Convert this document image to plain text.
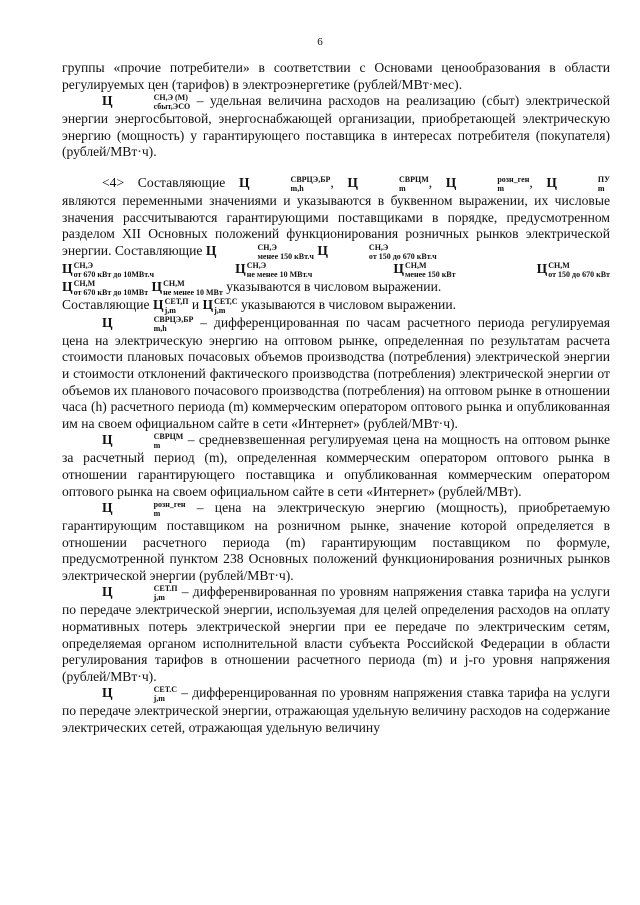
6

группы «прочие потребители» в соответствии с Основами ценообразования в области регулируемых цен (тарифов) в электроэнергетике (рублей/МВт·мес).

Ц	СН,Э (М)
сбыт,ЭСО – удельная величина расходов на реализацию (сбыт) электрической энергии энергосбытовой, энергоснабжающей организации, приобретающей электрическую энергию (мощность) у гарантирующего поставщика в интересах потребителя (покупателя) (рублей/МВт·ч).

<4> Составляющие Ц	СВРЦЭ,БР
m,h	, Ц	СВРЦМ
m	, Ц	розн_ген
m	, Ц	ПУ
m
являются переменными значениями и указываются в буквенном выражении, их числовые значения рассчитываются гарантирующими поставщиками в порядке, предусмотренном разделом XII Основных положений функционирования розничных рынков электрической энергии. Составляющие Ц	СН,Э
менее 150 кВт.ч Ц	СН,Э
от 150 до 670 кВт.ч

Ц СН,Э
от 670 кВт до 10МВт.ч	Ц СН,Э
не менее 10 МВт.ч	Ц СН,М
менее 150 кВт	Ц СН,М
от 150 до 670 кВт

Ц СН,М
от 670 кВт до 10МВт Ц СН,М
не менее 10 МВт указываются в числовом выражении.

Составляющие Ц СЕТ,П
j,m	и Ц СЕТ,С
j,m	указываются в числовом выражении.

Ц	СВРЦЭ,БР
m,h	– дифференцированная по часам расчетного периода регулируемая цена на электрическую энергию на оптовом рынке, определенная по результатам расчета стоимости плановых почасовых объемов производства (потребления) электрической энергии и стоимости отклонений фактического производства (потребления) электрической энергии от объемов их планового почасового производства (потребления) на оптовом рынке в отношении часа (h) расчетного периода (m) коммерческим оператором оптового рынка и опубликованная им на своем официальном сайте в сети «Интернет» (рублей/МВт·ч).

Ц	СВРЦМ
m	– средневзвешенная регулируемая цена на мощность на оптовом рынке за расчетный период (m), определенная коммерческим оператором оптового рынка в отношении гарантирующего поставщика и опубликованная коммерческим оператором оптового рынка на своем официальном сайте в сети «Интернет» (рублей/МВт).

Ц	розн_ген
m	– цена на электрическую энергию (мощность), приобретаемую гарантирующим поставщиком на розничном рынке, значение которой определяется в отношении расчетного периода (m) гарантирующим поставщиком по формуле, предусмотренной пунктом 238 Основных положений функционирования розничных рынков электрической энергии (рублей/МВт·ч).

Ц	СЕТ.П
j,m	– дифференвированная по уровням напряжения ставка тарифа на услуги по передаче электрической энергии, используемая для целей определения расходов на оплату нормативных потерь электрической энергии при ее передаче по электрическим сетям, определяемая органом исполнительной власти субъекта Российской Федерации в области регулирования тарифов в отношении расчетного периода (m) и j-го уровня напряжения (рублей/МВт·ч).

Ц	СЕТ.С
j,m	– дифференцированная по уровням напряжения ставка тарифа на услуги по передаче электрической энергии, отражающая удельную величину расходов на содержание электрических сетей, отражающая удельную величину
